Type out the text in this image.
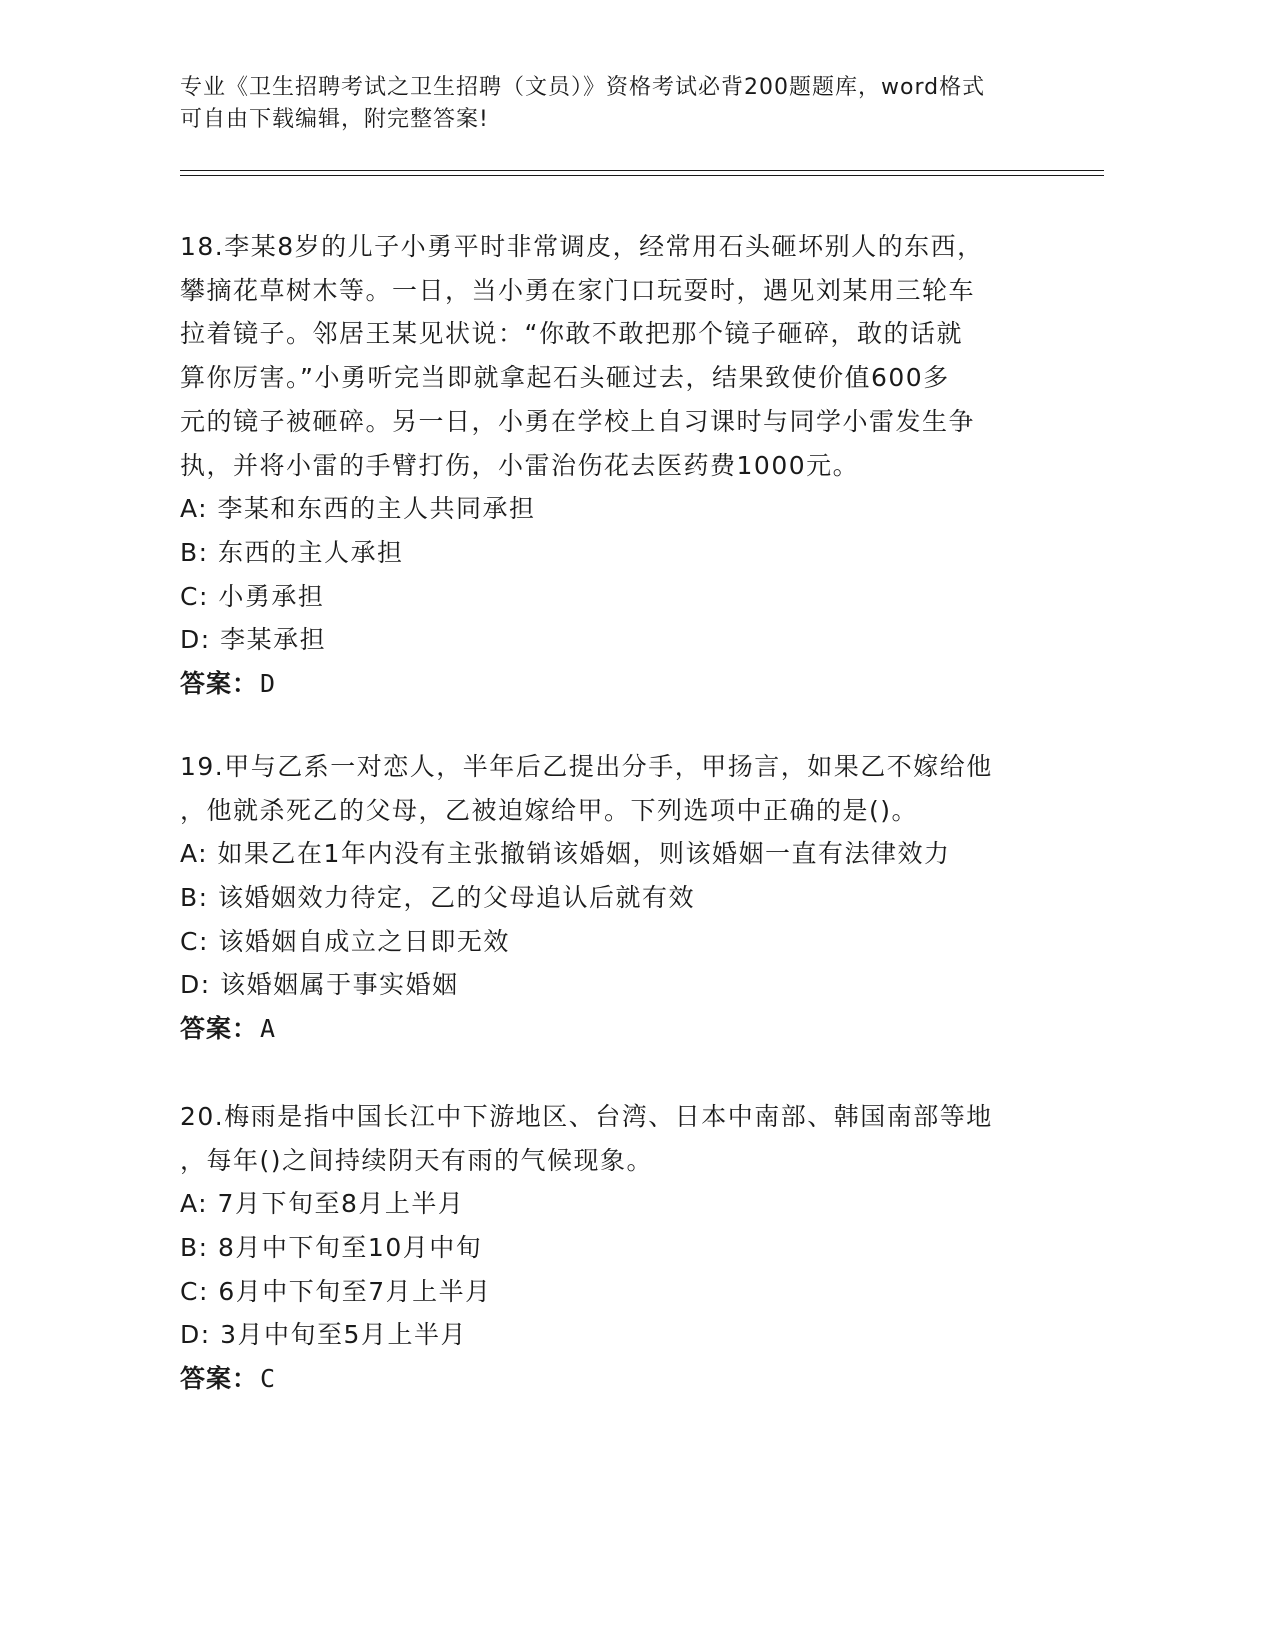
专业《卫生招聘考试之卫生招聘（文员）》资格考试必背200题题库，word格式
可自由下载编辑，附完整答案!
18.李某8岁的儿子小勇平时非常调皮，经常用石头砸坏别人的东西，
攀摘花草树木等。一日，当小勇在家门口玩耍时，遇见刘某用三轮车
拉着镜子。邻居王某见状说：“你敢不敢把那个镜子砸碎，敢的话就
算你厉害。”小勇听完当即就拿起石头砸过去，结果致使价值600多
元的镜子被砸碎。另一日，小勇在学校上自习课时与同学小雷发生争
执，并将小雷的手臂打伤，小雷治伤花去医药费1000元。
A: 李某和东西的主人共同承担
B: 东西的主人承担
C: 小勇承担
D: 李某承担
答案：D
19.甲与乙系一对恋人，半年后乙提出分手，甲扬言，如果乙不嫁给他
，他就杀死乙的父母，乙被迫嫁给甲。下列选项中正确的是()。
A: 如果乙在1年内没有主张撤销该婚姻，则该婚姻一直有法律效力
B: 该婚姻效力待定，乙的父母追认后就有效
C: 该婚姻自成立之日即无效
D: 该婚姻属于事实婚姻
答案：A
20.梅雨是指中国长江中下游地区、台湾、日本中南部、韩国南部等地
，每年()之间持续阴天有雨的气候现象。
A: 7月下旬至8月上半月
B: 8月中下旬至10月中旬
C: 6月中下旬至7月上半月
D: 3月中旬至5月上半月
答案：C
